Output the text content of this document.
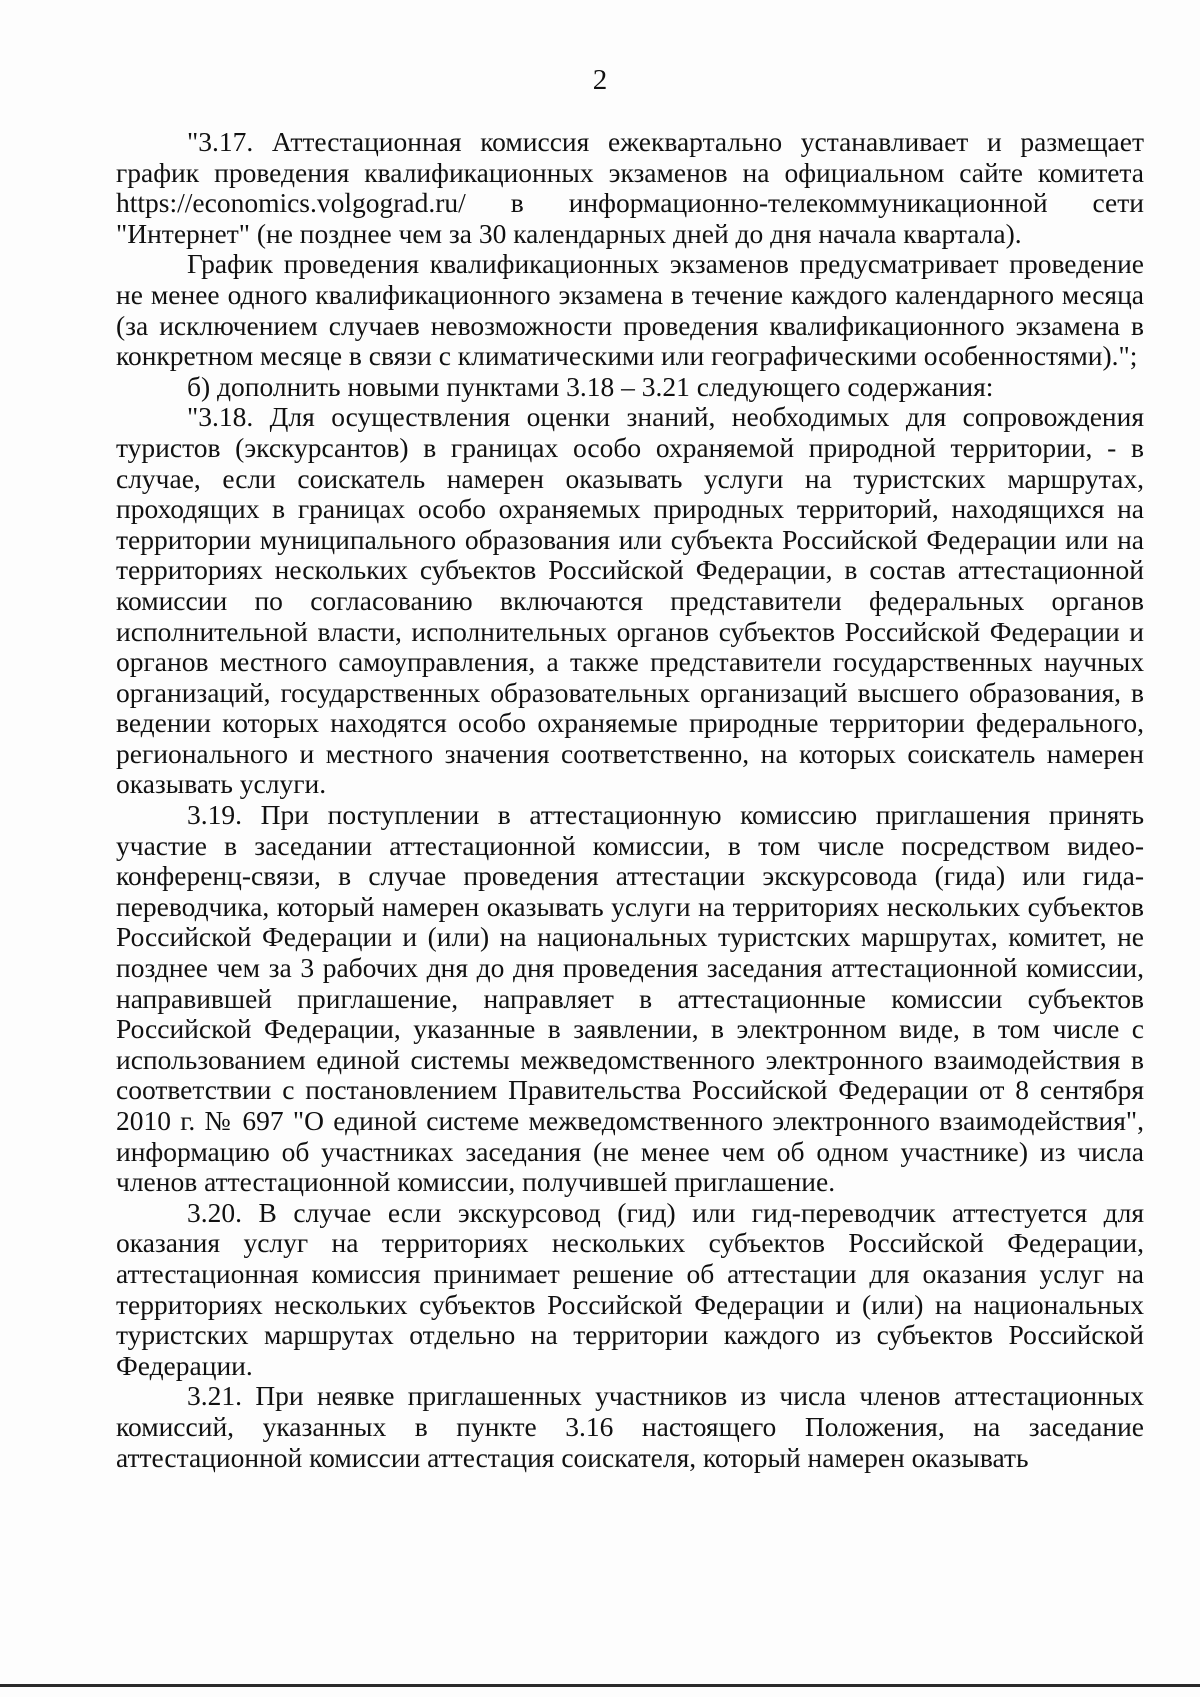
2

"3.17. Аттестационная комиссия ежеквартально устанавливает и размещает график проведения квалификационных экзаменов на официальном сайте комитета https://economics.volgograd.ru/ в информационно-телекоммуникационной сети "Интернет" (не позднее чем за 30 календарных дней до дня начала квартала).

График проведения квалификационных экзаменов предусматривает проведение не менее одного квалификационного экзамена в течение каждого календарного месяца (за исключением случаев невозможности проведения квалификационного экзамена в конкретном месяце в связи с климатическими или географическими особенностями).";

б) дополнить новыми пунктами 3.18 – 3.21 следующего содержания:

"3.18. Для осуществления оценки знаний, необходимых для сопровождения туристов (экскурсантов) в границах особо охраняемой природной территории, - в случае, если соискатель намерен оказывать услуги на туристских маршрутах, проходящих в границах особо охраняемых природных территорий, находящихся на территории муниципального образования или субъекта Российской Федерации или на территориях нескольких субъектов Российской Федерации, в состав аттестационной комиссии по согласованию включаются представители федеральных органов исполнительной власти, исполнительных органов субъектов Российской Федерации и органов местного самоуправления, а также представители государственных научных организаций, государственных образовательных организаций высшего образования, в ведении которых находятся особо охраняемые природные территории федерального, регионального и местного значения соответственно, на которых соискатель намерен оказывать услуги.

3.19. При поступлении в аттестационную комиссию приглашения принять участие в заседании аттестационной комиссии, в том числе посредством видео-конференц-связи, в случае проведения аттестации экскурсовода (гида) или гида-переводчика, который намерен оказывать услуги на территориях нескольких субъектов Российской Федерации и (или) на национальных туристских маршрутах, комитет, не позднее чем за 3 рабочих дня до дня проведения заседания аттестационной комиссии, направившей приглашение, направляет в аттестационные комиссии субъектов Российской Федерации, указанные в заявлении, в электронном виде, в том числе с использованием единой системы межведомственного электронного взаимодействия в соответствии с постановлением Правительства Российской Федерации от 8 сентября 2010 г. № 697 "О единой системе межведомственного электронного взаимодействия", информацию об участниках заседания (не менее чем об одном участнике) из числа членов аттестационной комиссии, получившей приглашение.

3.20. В случае если экскурсовод (гид) или гид-переводчик аттестуется для оказания услуг на территориях нескольких субъектов Российской Федерации, аттестационная комиссия принимает решение об аттестации для оказания услуг на территориях нескольких субъектов Российской Федерации и (или) на национальных туристских маршрутах отдельно на территории каждого из субъектов Российской Федерации.

3.21. При неявке приглашенных участников из числа членов аттестационных комиссий, указанных в пункте 3.16 настоящего Положения, на заседание аттестационной комиссии аттестация соискателя, который намерен оказывать
